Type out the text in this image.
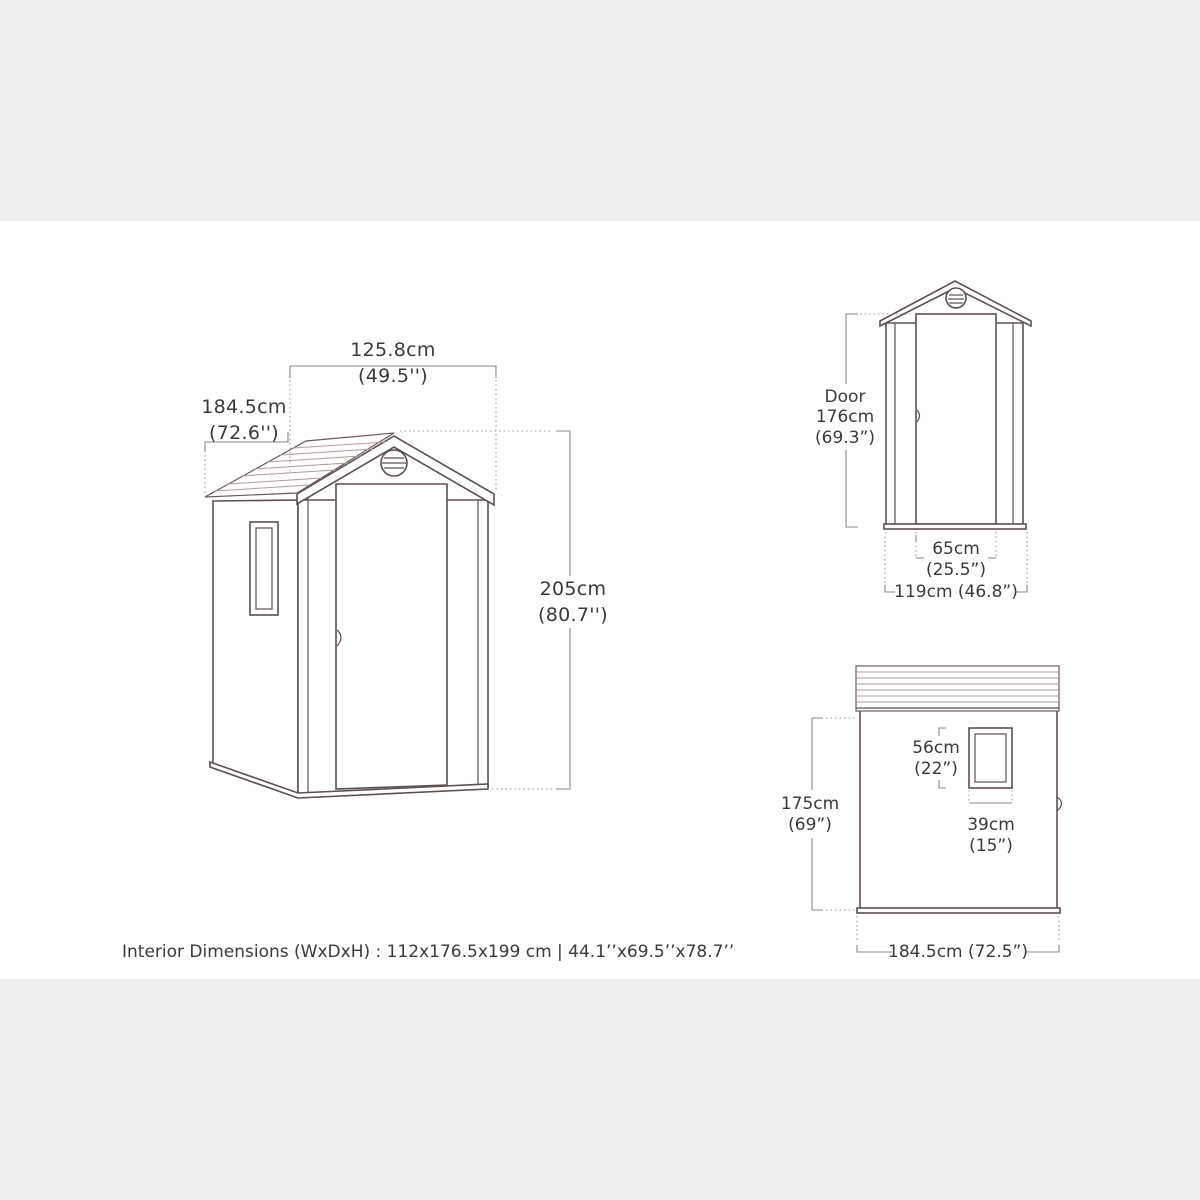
125.8cm
(49.5'')
184.5cm
(72.6'')
205cm
(80.7'')
Door
176cm
(69.3”)
65cm
(25.5”)
119cm (46.8”)
175cm
(69”)
56cm
(22”)
39cm
(15”)
184.5cm (72.5”)
Interior Dimensions (WxDxH) : 112x176.5x199 cm | 44.1’’x69.5’’x78.7’’
